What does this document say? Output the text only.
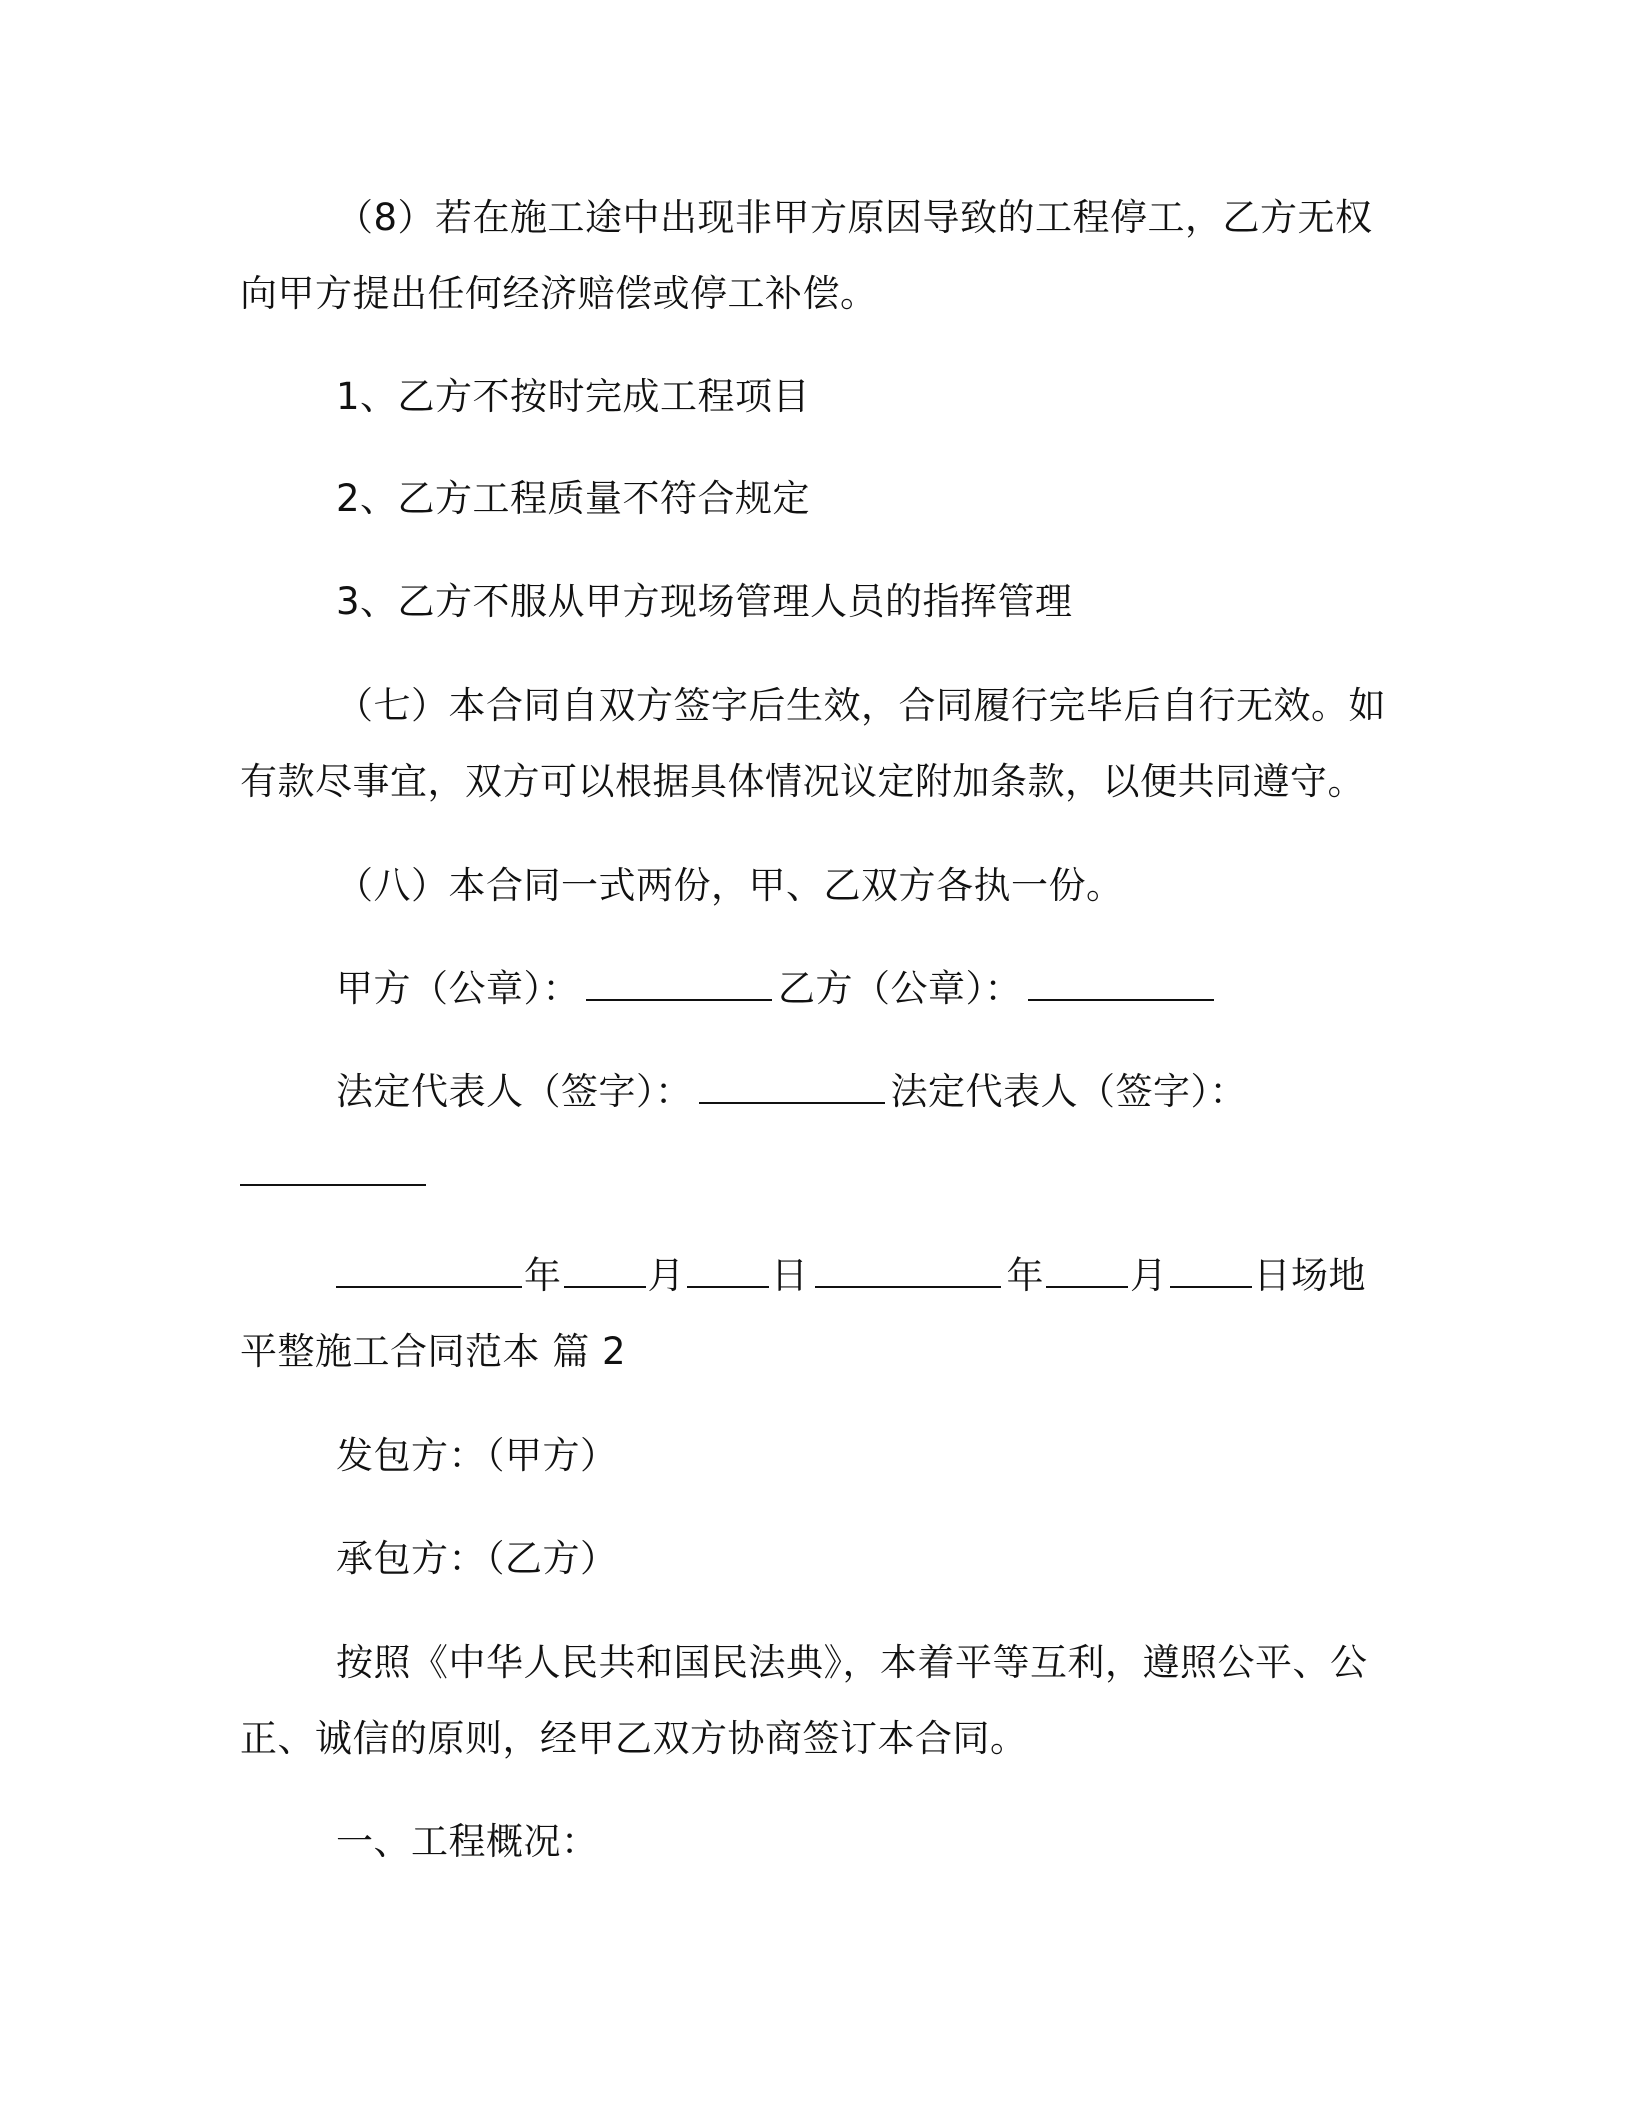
（8）若在施工途中出现非甲方原因导致的工程停工，乙方无权
向甲方提出任何经济赔偿或停工补偿。
1、乙方不按时完成工程项目
2、乙方工程质量不符合规定
3、乙方不服从甲方现场管理人员的指挥管理
（七）本合同自双方签字后生效，合同履行完毕后自行无效。如
有款尽事宜，双方可以根据具体情况议定附加条款，以便共同遵守。
（八）本合同一式两份，甲、乙双方各执一份。
甲方（公章）：	乙方（公章）：
法定代表人（签字）：	法定代表人（签字）：
年 月 日	年 月 日场地
平整施工合同范本 篇 2
发包方：（甲方）
承包方：（乙方）
按照《中华人民共和国民法典》，本着平等互利，遵照公平、公
正、诚信的原则，经甲乙双方协商签订本合同。
一、工程概况：
